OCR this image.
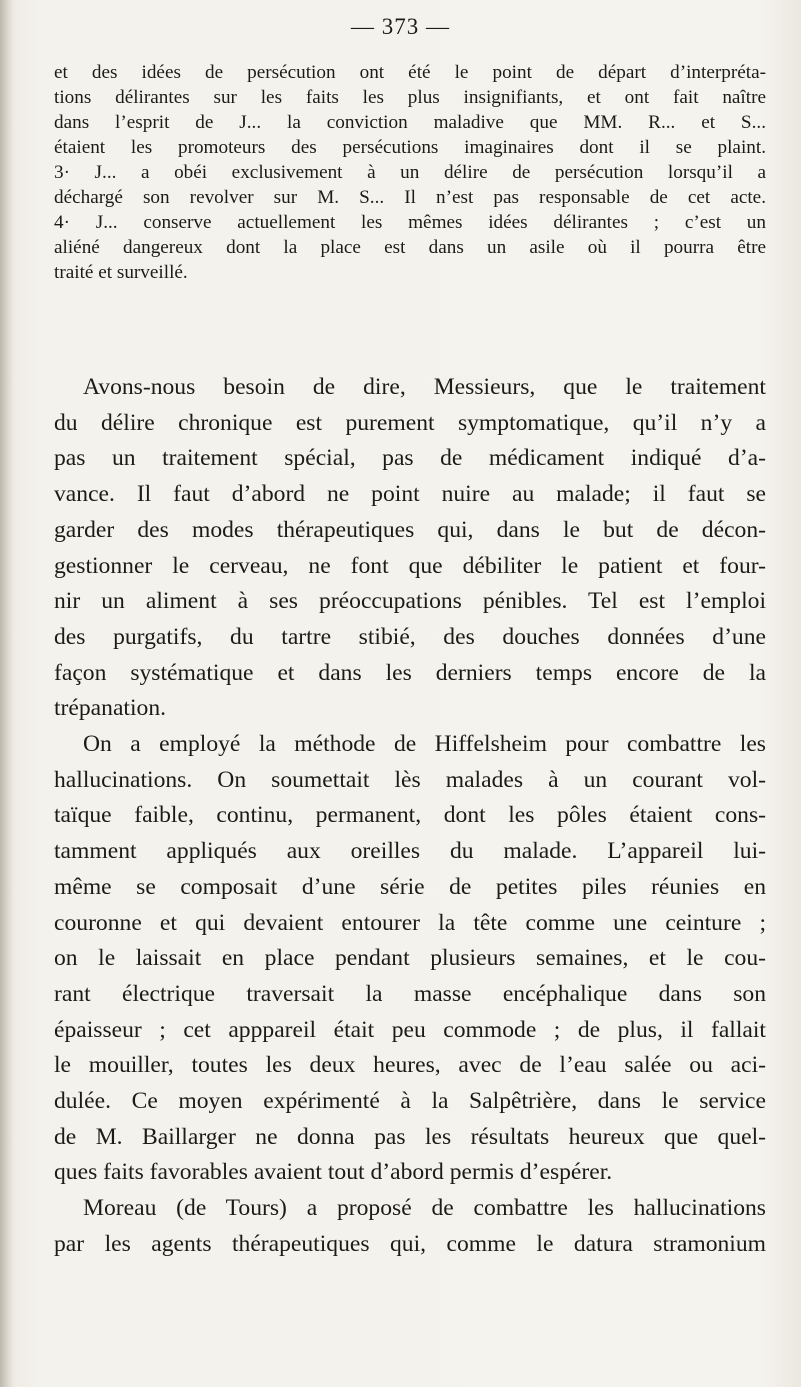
— 373 —
et des idées de persécution ont été le point de départ d’interpréta-
tions délirantes sur les faits les plus insignifiants, et ont fait naître
dans l’esprit de J... la conviction maladive que MM. R... et S...
étaient les promoteurs des persécutions imaginaires dont il se plaint.
3· J... a obéi exclusivement à un délire de persécution lorsqu’il a
déchargé son revolver sur M. S... Il n’est pas responsable de cet acte.
4· J... conserve actuellement les mêmes idées délirantes ; c’est un
aliéné dangereux dont la place est dans un asile où il pourra être
traité et surveillé.
Avons-nous besoin de dire, Messieurs, que le traitement
du délire chronique est purement symptomatique, qu’il n’y a
pas un traitement spécial, pas de médicament indiqué d’a-
vance. Il faut d’abord ne point nuire au malade; il faut se
garder des modes thérapeutiques qui, dans le but de décon-
gestionner le cerveau, ne font que débiliter le patient et four-
nir un aliment à ses préoccupations pénibles. Tel est l’emploi
des purgatifs, du tartre stibié, des douches données d’une
façon systématique et dans les derniers temps encore de la
trépanation.
On a employé la méthode de Hiffelsheim pour combattre les
hallucinations. On soumettait lès malades à un courant vol-
taïque faible, continu, permanent, dont les pôles étaient cons-
tamment appliqués aux oreilles du malade. L’appareil lui-
même se composait d’une série de petites piles réunies en
couronne et qui devaient entourer la tête comme une ceinture ;
on le laissait en place pendant plusieurs semaines, et le cou-
rant électrique traversait la masse encéphalique dans son
épaisseur ; cet apppareil était peu commode ; de plus, il fallait
le mouiller, toutes les deux heures, avec de l’eau salée ou aci-
dulée. Ce moyen expérimenté à la Salpêtrière, dans le service
de M. Baillarger ne donna pas les résultats heureux que quel-
ques faits favorables avaient tout d’abord permis d’espérer.
Moreau (de Tours) a proposé de combattre les hallucinations
par les agents thérapeutiques qui, comme le datura stramonium
